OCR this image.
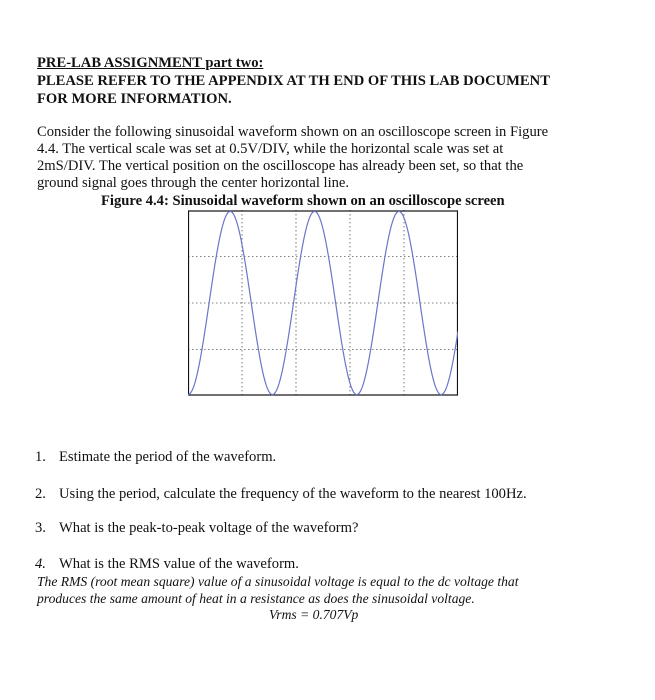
PRE-LAB ASSIGNMENT part two:
PLEASE REFER TO THE APPENDIX AT TH END OF THIS LAB DOCUMENT
FOR MORE INFORMATION.
Consider the following sinusoidal waveform shown on an oscilloscope screen in Figure
4.4. The vertical scale was set at 0.5V/DIV, while the horizontal scale was set at
2mS/DIV. The vertical position on the oscilloscope has already been set, so that the
ground signal goes through the center horizontal line.
Figure 4.4: Sinusoidal waveform shown on an oscilloscope screen
1. Estimate the period of the waveform.
2. Using the period, calculate the frequency of the waveform to the nearest 100Hz.
3. What is the peak-to-peak voltage of the waveform?
4. What is the RMS value of the waveform.
The RMS (root mean square) value of a sinusoidal voltage is equal to the dc voltage that
produces the same amount of heat in a resistance as does the sinusoidal voltage.
Vrms = 0.707Vp
